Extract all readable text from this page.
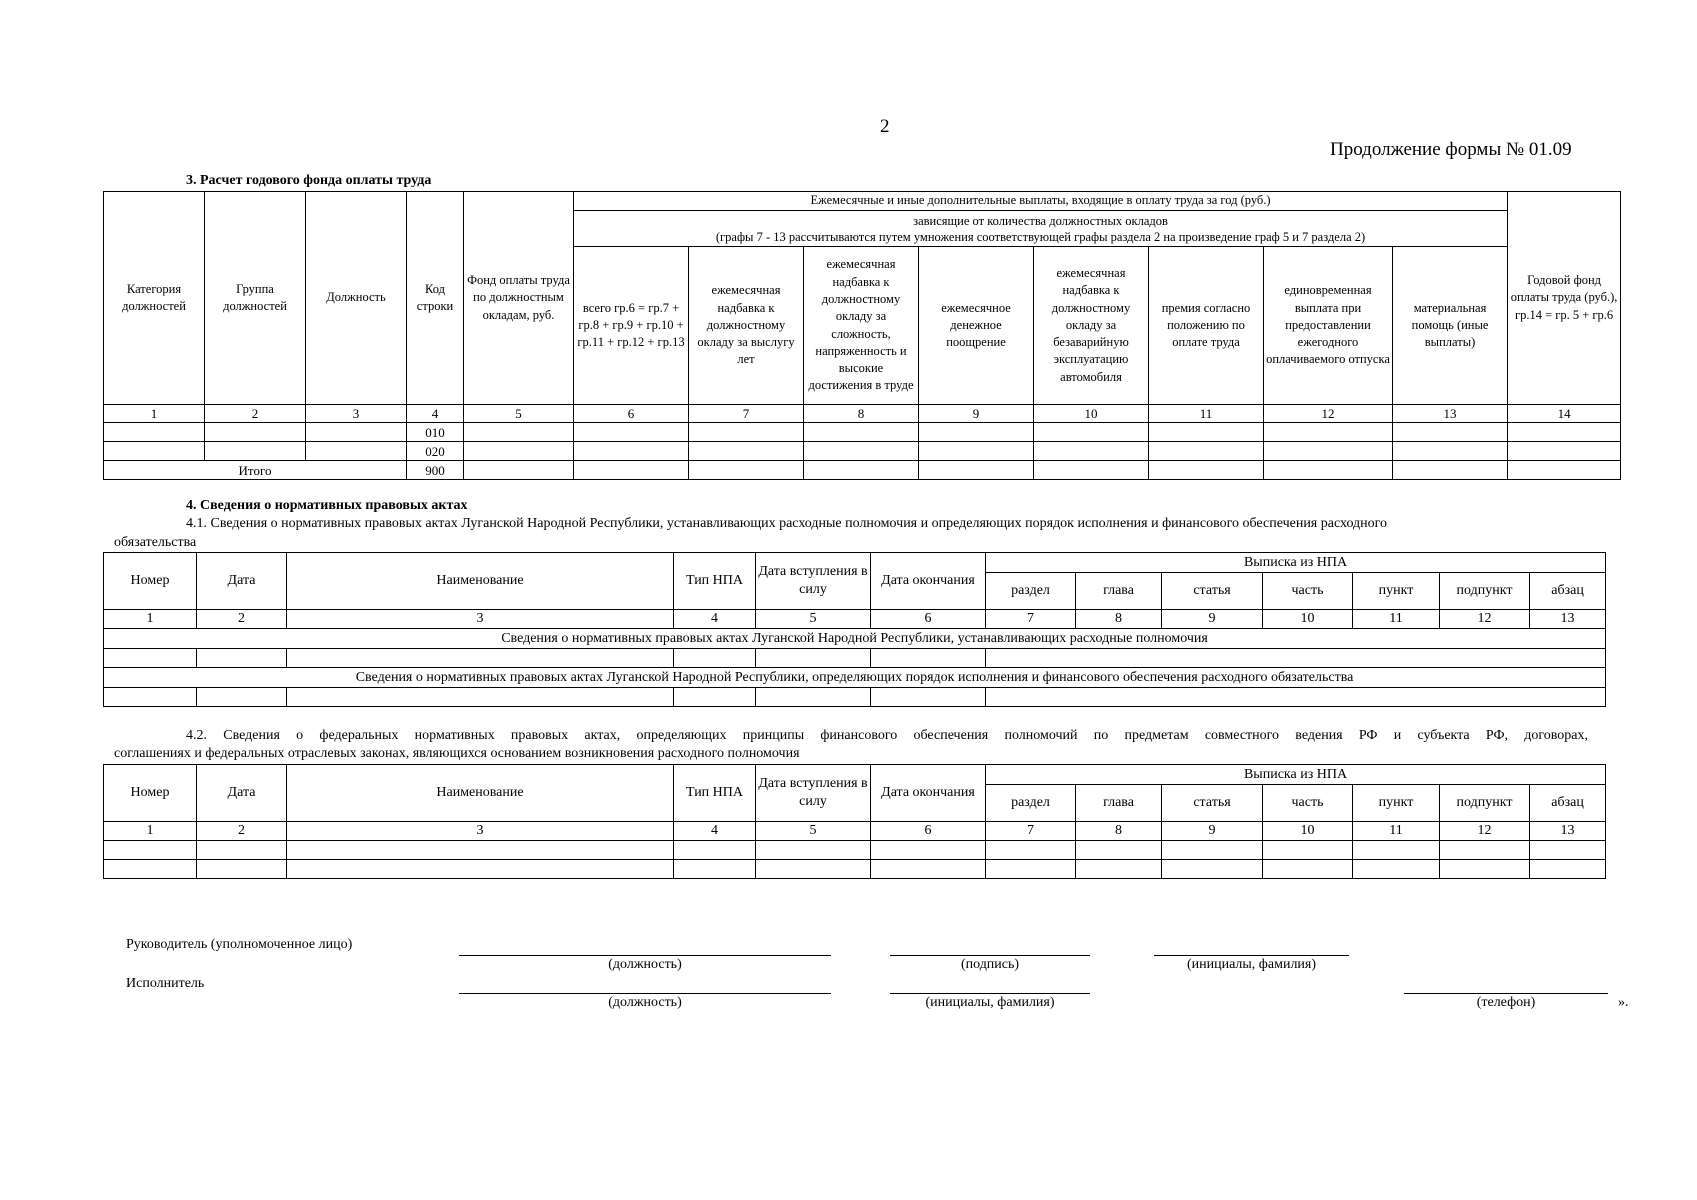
2
Продолжение формы № 01.09
3. Расчет годового фонда оплаты труда
Категория должностей	Группа должностей	Должность	Код строки	Фонд оплаты труда по должностным окладам, руб.	Ежемесячные и иные дополнительные выплаты, входящие в оплату труда за год (руб.)								Годовой фонд оплаты труда (руб.), гр.14 = гр. 5 + гр.6
					зависящие от количества должностных окладов
(графы 7 - 13 рассчитываются путем умножения соответствующей графы раздела 2 на произведение граф 5 и 7 раздела 2)								
					всего гр.6 = гр.7 + гр.8 + гр.9 + гр.10 + гр.11 + гр.12 + гр.13	ежемесячная надбавка к должностному окладу за выслугу лет	ежемесячная надбавка к должностному окладу за сложность, напряженность и высокие достижения в труде	ежемесячное денежное поощрение	ежемесячная надбавка к должностному окладу за безаварийную эксплуатацию автомобиля	премия согласно положению по оплате труда	единовременная выплата при предоставлении ежегодного оплачиваемого отпуска	материальная помощь (иные выплаты)	
1	2	3	4	5	6	7	8	9	10	11	12	13	14
			010										
			020										
Итого			900										
4. Сведения о нормативных правовых актах
4.1. Сведения о нормативных правовых актах Луганской Народной Республики, устанавливающих расходные полномочия и определяющих порядок исполнения и финансового обеспечения расходного
обязательства
Номер	Дата	Наименование	Тип НПА	Дата вступления в силу	Дата окончания	Выписка из НПА						
						раздел	глава	статья	часть	пункт	подпункт	абзац
1	2	3	4	5	6	7	8	9	10	11	12	13
Сведения о нормативных правовых актах Луганской Народной Республики, устанавливающих расходные полномочия												

Сведения о нормативных правовых актах Луганской Народной Республики, определяющих порядок исполнения и финансового обеспечения расходного обязательства												

4.2. Сведения о федеральных нормативных правовых актах, определяющих принципы финансового обеспечения полномочий по предметам совместного ведения РФ и субъекта РФ, договорах,
соглашениях и федеральных отраслевых законах, являющихся основанием возникновения расходного полномочия
Номер	Дата	Наименование	Тип НПА	Дата вступления в силу	Дата окончания	Выписка из НПА						
						раздел	глава	статья	часть	пункт	подпункт	абзац
1	2	3	4	5	6	7	8	9	10	11	12	13

Руководитель (уполномоченное лицо)
(должность)	(подпись)	(инициалы, фамилия)
Исполнитель
(должность)	(инициалы, фамилия)	(телефон)	».
